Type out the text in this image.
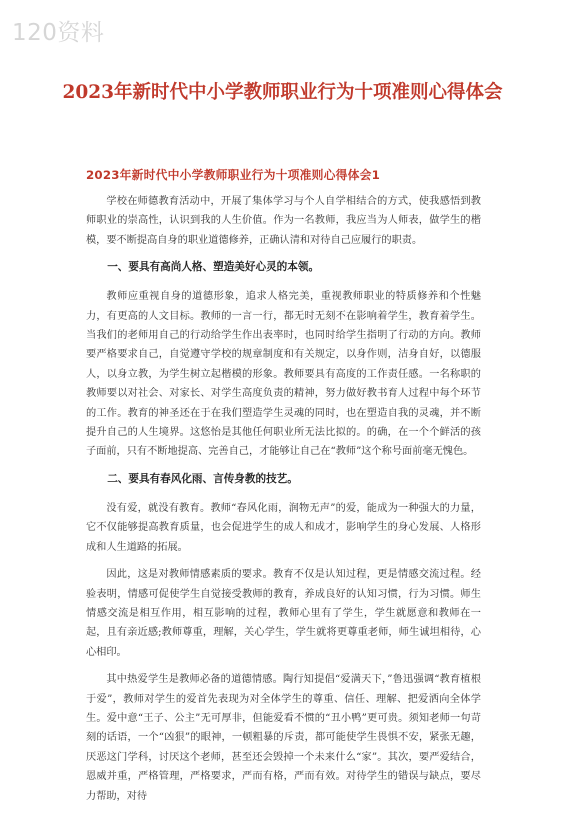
120资料
2023年新时代中小学教师职业行为十项准则心得体会
2023年新时代中小学教师职业行为十项准则心得体会1

学校在师德教育活动中，开展了集体学习与个人自学相结合的方式，使我感悟到教师职业的崇高性，认识到我的人生价值。作为一名教师，我应当为人师表，做学生的楷模，要不断提高自身的职业道德修养，正确认清和对待自己应履行的职责。

一、要具有高尚人格、塑造美好心灵的本领。

教师应重视自身的道德形象，追求人格完美，重视教师职业的特质修养和个性魅力，有更高的人文目标。教师的一言一行，都无时无刻不在影响着学生，教育着学生。当我们的老师用自己的行动给学生作出表率时，也同时给学生指明了行动的方向。教师要严格要求自己，自觉遵守学校的规章制度和有关规定，以身作则，洁身自好，以德服人，以身立教，为学生树立起楷模的形象。教师要具有高度的工作责任感。一名称职的教师要以对社会、对家长、对学生高度负责的精神，努力做好教书育人过程中每个环节的工作。教育的神圣还在于在我们塑造学生灵魂的同时，也在塑造自我的灵魂，并不断提升自己的人生境界。这悠怡是其他任何职业所无法比拟的。的确，在一个个鲜活的孩子面前，只有不断地提高、完善自己，才能够让自己在“教师”这个称号面前毫无愧色。

二、要具有春风化雨、言传身教的技艺。

没有爱，就没有教育。教师“春风化雨，润物无声”的爱，能成为一种强大的力量，它不仅能够提高教育质量，也会促进学生的成人和成才，影响学生的身心发展、人格形成和人生道路的拓展。

因此，这是对教师情感素质的要求。教育不仅是认知过程，更是情感交流过程。经验表明，情感可促使学生自觉接受教师的教育，养成良好的认知习惯，行为习惯。师生情感交流是相互作用，相互影响的过程，教师心里有了学生，学生就愿意和教师在一起，且有亲近感;教师尊重，理解，关心学生，学生就将更尊重老师，师生诚坦相待，心心相印。

其中热爱学生是教师必备的道德情感。陶行知提倡“爱满天下，”鲁迅强调“教育植根于爱”，教师对学生的爱首先表现为对全体学生的尊重、信任、理解、把爱洒向全体学生。爱中意“王子、公主”无可厚非，但能爱看不惯的“丑小鸭”更可贵。须知老师一句苛刻的话语，一个“凶狠”的眼神，一顿粗暴的斥责，都可能使学生畏惧不安，紧张无趣，厌恶这门学科，讨厌这个老师，甚至还会毁掉一个未来什么“家”。其次，要严爱结合，恩威并重，严格管理，严格要求，严而有格，严而有效。对待学生的错误与缺点，要尽力帮助，对待
